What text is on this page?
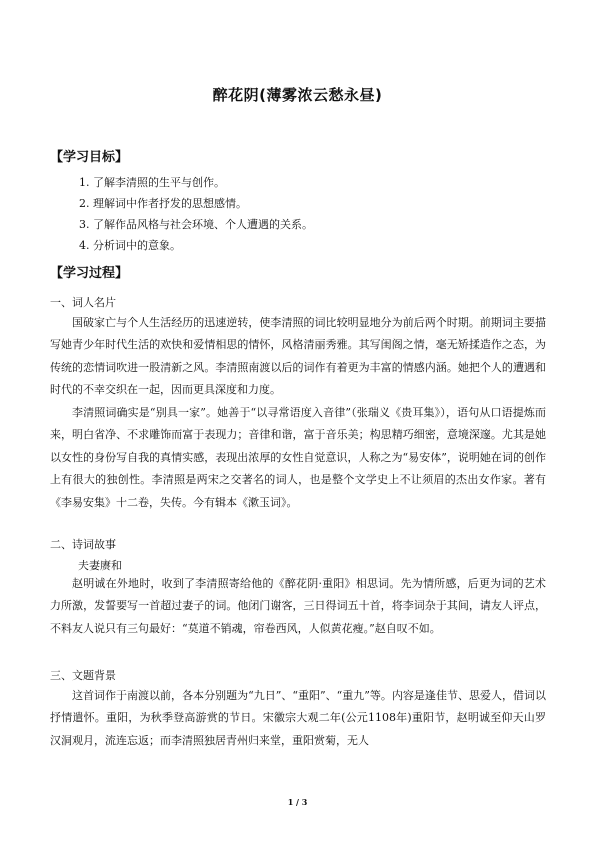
醉花阴(薄雾浓云愁永昼)
【学习目标】
1. 了解李清照的生平与创作。
2. 理解词中作者抒发的思想感情。
3. 了解作品风格与社会环境、个人遭遇的关系。
4. 分析词中的意象。
【学习过程】
一、词人名片

国破家亡与个人生活经历的迅速逆转，使李清照的词比较明显地分为前后两个时期。前期词主要描写她青少年时代生活的欢快和爱情相思的情怀，风格清丽秀雅。其写闺阁之情，毫无矫揉造作之态，为传统的恋情词吹进一股清新之风。李清照南渡以后的词作有着更为丰富的情感内涵。她把个人的遭遇和时代的不幸交织在一起，因而更具深度和力度。

李清照词确实是“别具一家”。她善于“以寻常语度入音律”（张瑞义《贵耳集》），语句从口语提炼而来，明白省净、不求雕饰而富于表现力；音律和谐，富于音乐美；构思精巧细密，意境深邃。尤其是她以女性的身份写自我的真情实感，表现出浓厚的女性自觉意识，人称之为“易安体”，说明她在词的创作上有很大的独创性。李清照是两宋之交著名的词人，也是整个文学史上不让须眉的杰出女作家。著有《李易安集》十二卷，失传。今有辑本《漱玉词》。

二、诗词故事
夫妻赓和

赵明诚在外地时，收到了李清照寄给他的《醉花阴·重阳》相思词。先为情所感，后更为词的艺术力所激，发誓要写一首超过妻子的词。他闭门谢客，三日得词五十首，将李词杂于其间，请友人评点，不料友人说只有三句最好：“莫道不销魂，帘卷西风，人似黄花瘦。”赵自叹不如。

三、文题背景

这首词作于南渡以前，各本分别题为“九日”、“重阳”、“重九”等。内容是逢佳节、思爱人，借词以抒情遣怀。重阳，为秋季登高游赏的节日。宋徽宗大观二年(公元1108年)重阳节，赵明诚至仰天山罗汉洞观月，流连忘返；而李清照独居青州归来堂，重阳赏菊，无人

1 / 3
